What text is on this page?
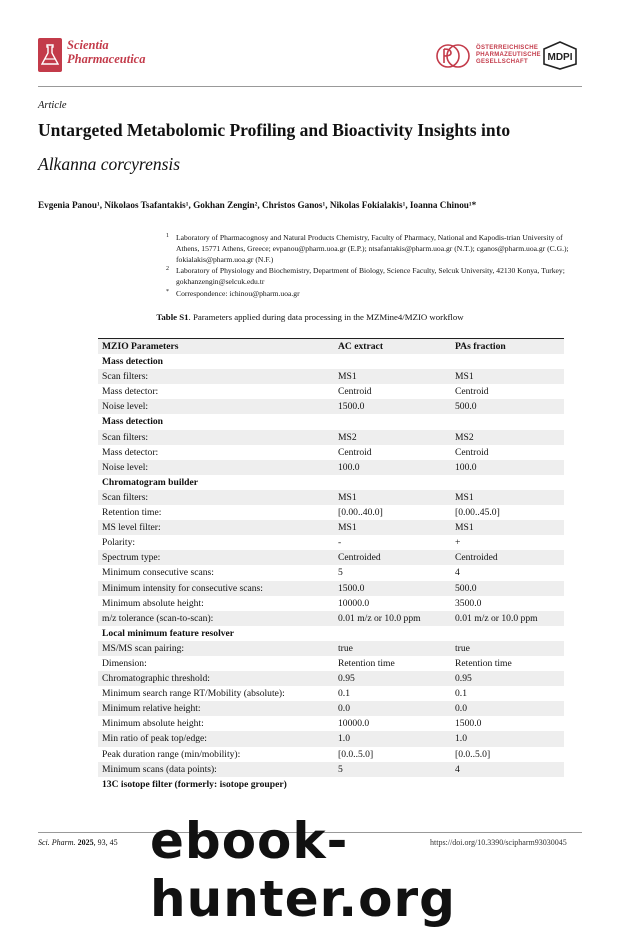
Scientia
Pharmaceutica
ÖSTERREICHISCHE
PHARMAZEUTISCHE
GESELLSCHAFT	MDPI
Article
Untargeted Metabolomic Profiling and Bioactivity Insights into
Alkanna corcyrensis
Evgenia Panou¹, Nikolaos Tsafantakis¹, Gokhan Zengin², Christos Ganos¹, Nikolas Fokialakis¹, Ioanna Chinou¹*
1 Laboratory of Pharmacognosy and Natural Products Chemistry, Faculty of Pharmacy, National and Kapodis-trian University of Athens, 15771 Athens, Greece; evpanou@pharm.uoa.gr (E.P.); ntsafantakis@pharm.uoa.gr (N.T.); cganos@pharm.uoa.gr (C.G.); fokialakis@pharm.uoa.gr (N.F.)
2 Laboratory of Physiology and Biochemistry, Department of Biology, Science Faculty, Selcuk University, 42130 Konya, Turkey; gokhanzengin@selcuk.edu.tr
* Correspondence: ichinou@pharm.uoa.gr
Table S1. Parameters applied during data processing in the MZMine4/MZIO workflow
MZIO Parameters	AC extract	PAs fraction
Mass detection
Scan filters:	MS1	MS1
Mass detector:	Centroid	Centroid
Noise level:	1500.0	500.0
Mass detection
Scan filters:	MS2	MS2
Mass detector:	Centroid	Centroid
Noise level:	100.0	100.0
Chromatogram builder
Scan filters:	MS1	MS1
Retention time:	[0.00..40.0]	[0.00..45.0]
MS level filter:	MS1	MS1
Polarity:	-	+
Spectrum type:	Centroided	Centroided
Minimum consecutive scans:	5	4
Minimum intensity for consecutive scans:	1500.0	500.0
Minimum absolute height:	10000.0	3500.0
m/z tolerance (scan-to-scan):	0.01 m/z or 10.0 ppm	0.01 m/z or 10.0 ppm
Local minimum feature resolver
MS/MS scan pairing:	true	true
Dimension:	Retention time	Retention time
Chromatographic threshold:	0.95	0.95
Minimum search range RT/Mobility (absolute):	0.1	0.1
Minimum relative height:	0.0	0.0
Minimum absolute height:	10000.0	1500.0
Min ratio of peak top/edge:	1.0	1.0
Peak duration range (min/mobility):	[0.0..5.0]	[0.0..5.0]
Minimum scans (data points):	5	4
13C isotope filter (formerly: isotope grouper)
Sci. Pharm. 2025, 93, 45	https://doi.org/10.3390/scipharm93030045
ebook-hunter.org
